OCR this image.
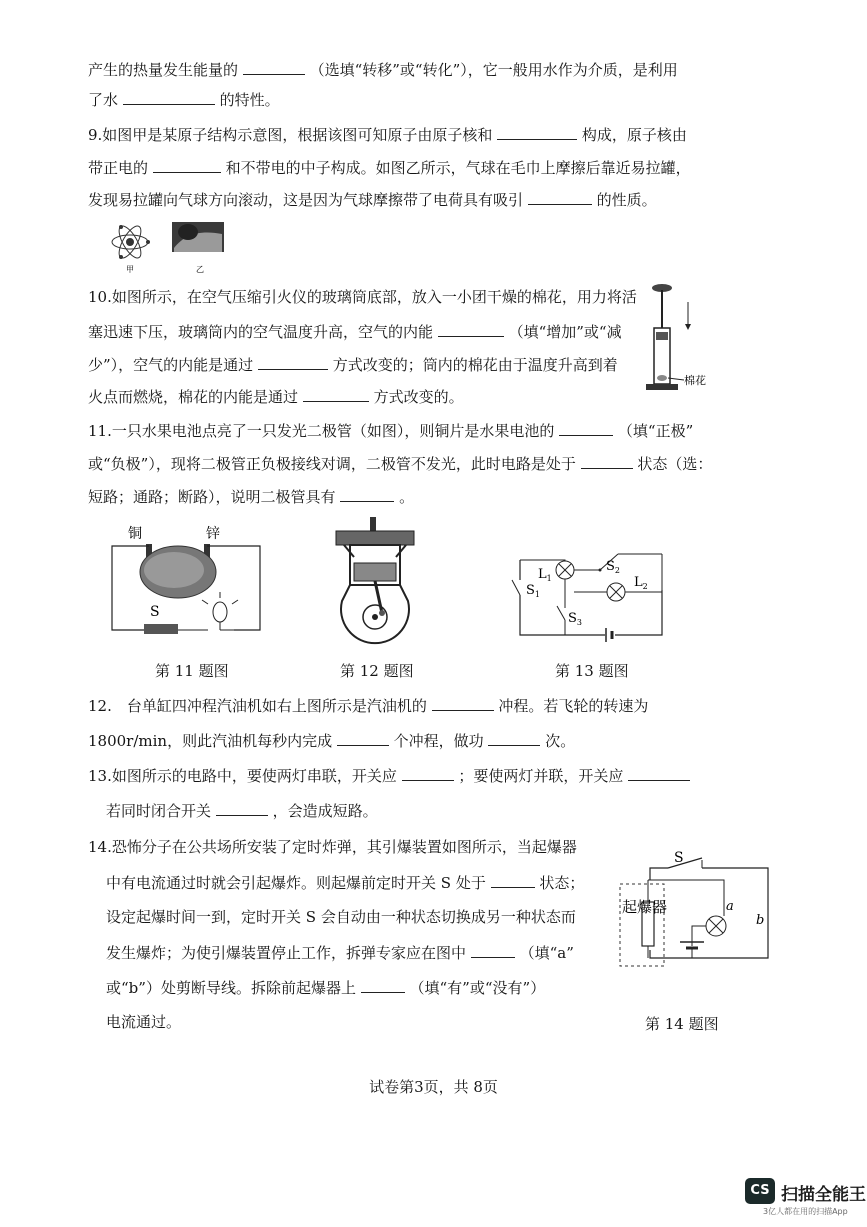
产生的热量发生能量的	（选填“转移”或“转化”），它一般用水作为介质，是利用
了水	的特性。
9.如图甲是某原子结构示意图，根据该图可知原子由原子核和	构成，原子核由
带正电的	和不带电的中子构成。如图乙所示，气球在毛巾上摩擦后靠近易拉罐，
发现易拉罐向气球方向滚动，这是因为气球摩擦带了电荷具有吸引	的性质。
甲	乙
10.如图所示，在空气压缩引火仪的玻璃筒底部，放入一小团干燥的棉花，用力将活
塞迅速下压，玻璃筒内的空气温度升高，空气的内能	（填“增加”或“减
少”），空气的内能是通过	方式改变的；筒内的棉花由于温度升高到着
火点而燃烧，棉花的内能是通过	方式改变的。
棉花
11.一只水果电池点亮了一只发光二极管（如图），则铜片是水果电池的	（填“正极”
或“负极”），现将二极管正负极接线对调，二极管不发光，此时电路是处于	状态（选：
短路；通路；断路），说明二极管具有	。
铜	锌
S
第 11 题图	第 12 题图
$L_1$	$L_2$
$S_1$
$S_2$
$S_3$
第 13 题图
12.　台单缸四冲程汽油机如右上图所示是汽油机的	冲程。若飞轮的转速为
1800r/min，则此汽油机每秒内完成	个冲程，做功	次。
13.如图所示的电路中，要使两灯串联，开关应	；要使两灯并联，开关应
若同时闭合开关	，会造成短路。
14.恐怖分子在公共场所安装了定时炸弹，其引爆装置如图所示，当起爆器
中有电流通过时就会引起爆炸。则起爆前定时开关 S 处于	状态；
设定起爆时间一到，定时开关 S 会自动由一种状态切换成另一种状态而
发生爆炸；为使引爆装置停止工作，拆弹专家应在图中	（填“a”
或“b”）处剪断导线。拆除前起爆器上	（填“有”或“没有”）
电流通过。
S
起爆器	a
b
第 14 题图
试卷第3页，共 8页
CS 扫描全能王
3亿人都在用的扫描App
